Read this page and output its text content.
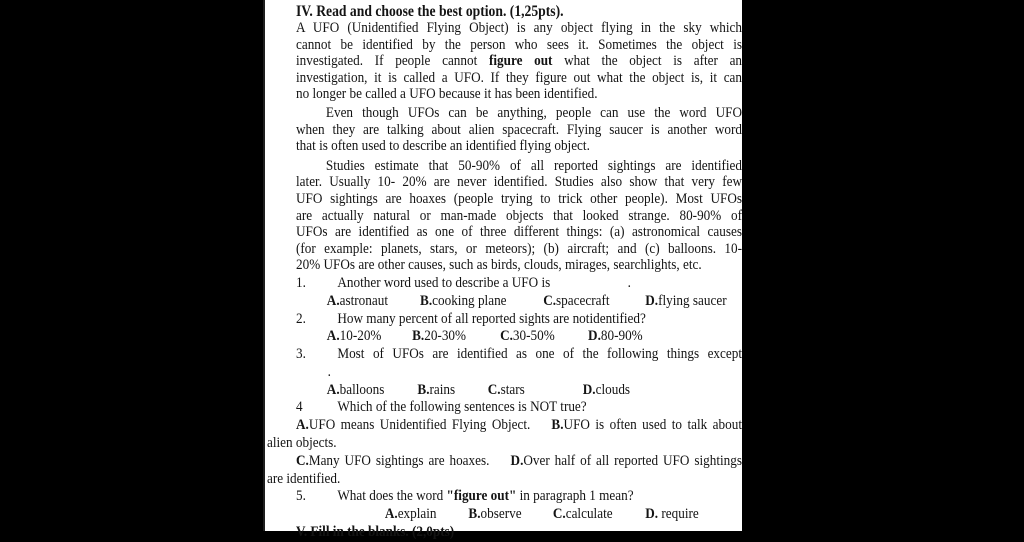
IV. Read and choose the best option. (1,25pts).
A UFO (Unidentified Flying Object) is any object flying in the sky which
cannot be identified by the person who sees it. Sometimes the object is
investigated. If people cannot figure out what the object is after an
investigation, it is called a UFO. If they figure out what the object is, it can
no longer be called a UFO because it has been identified.
Even though UFOs can be anything, people can use the word UFO
when they are talking about alien spacecraft. Flying saucer is another word
that is often used to describe an identified flying object.
Studies estimate that 50-90% of all reported sightings are identified
later. Usually 10- 20% are never identified. Studies also show that very few
UFO sightings are hoaxes (people trying to trick other people). Most UFOs
are actually natural or man-made objects that looked strange. 80-90% of
UFOs are identified as one of three different things: (a) astronomical causes
(for example: planets, stars, or meteors); (b) aircraft; and (c) balloons. 10-
20% UFOs are other causes, such as birds, clouds, mirages, searchlights, etc.
1. Another word used to describe a UFO is	.
A.astronaut B.cooking plane C.spacecraft D.flying saucer
2. How many percent of all reported sights are notidentified?
A.10-20% B.20-30% C.30-50% D.80-90%
3. Most of UFOs are identified as one of the following things except
.
A.balloons B.rains C.stars	D.clouds
4 Which of the following sentences is NOT true?
A.UFO means Unidentified Flying Object. B.UFO is often used to talk about alien objects.
C.Many UFO sightings are hoaxes. D.Over half of all reported UFO sightings are identified.
5. What does the word "figure out" in paragraph 1 mean?
A.explain B.observe C.calculate D. require
V. Fill in the blanks. (2,0pts)
